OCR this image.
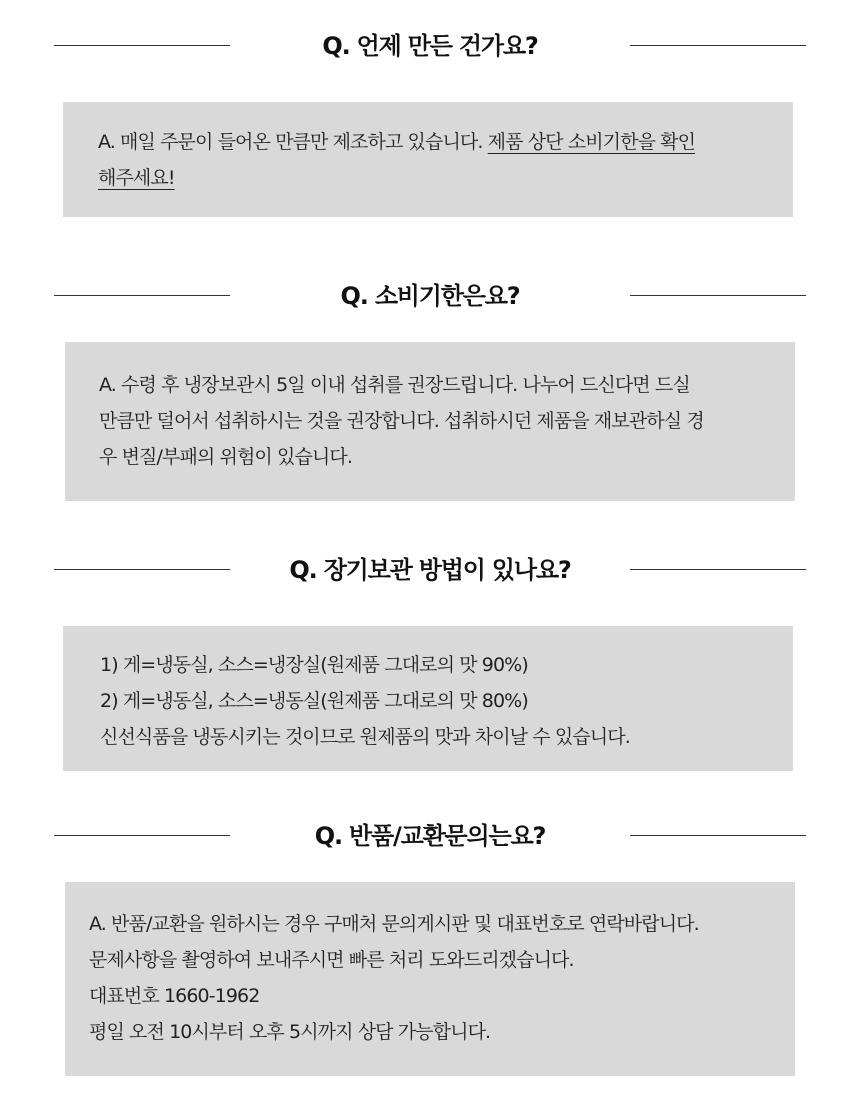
Q. 언제 만든 건가요?

A. 매일 주문이 들어온 만큼만 제조하고 있습니다. 제품 상단 소비기한을 확인

해주세요!

Q. 소비기한은요?

A. 수령 후 냉장보관시 5일 이내 섭취를 권장드립니다. 나누어 드신다면 드실

만큼만 덜어서 섭취하시는 것을 권장합니다. 섭취하시던 제품을 재보관하실 경

우 변질/부패의 위험이 있습니다.

Q. 장기보관 방법이 있나요?

1) 게=냉동실, 소스=냉장실(원제품 그대로의 맛 90%)

2) 게=냉동실, 소스=냉동실(원제품 그대로의 맛 80%)

신선식품을 냉동시키는 것이므로 원제품의 맛과 차이날 수 있습니다.

Q. 반품/교환문의는요?

A. 반품/교환을 원하시는 경우 구매처 문의게시판 및 대표번호로 연락바랍니다.

문제사항을 촬영하여 보내주시면 빠른 처리 도와드리겠습니다.

대표번호 1660-1962

평일 오전 10시부터 오후 5시까지 상담 가능합니다.
